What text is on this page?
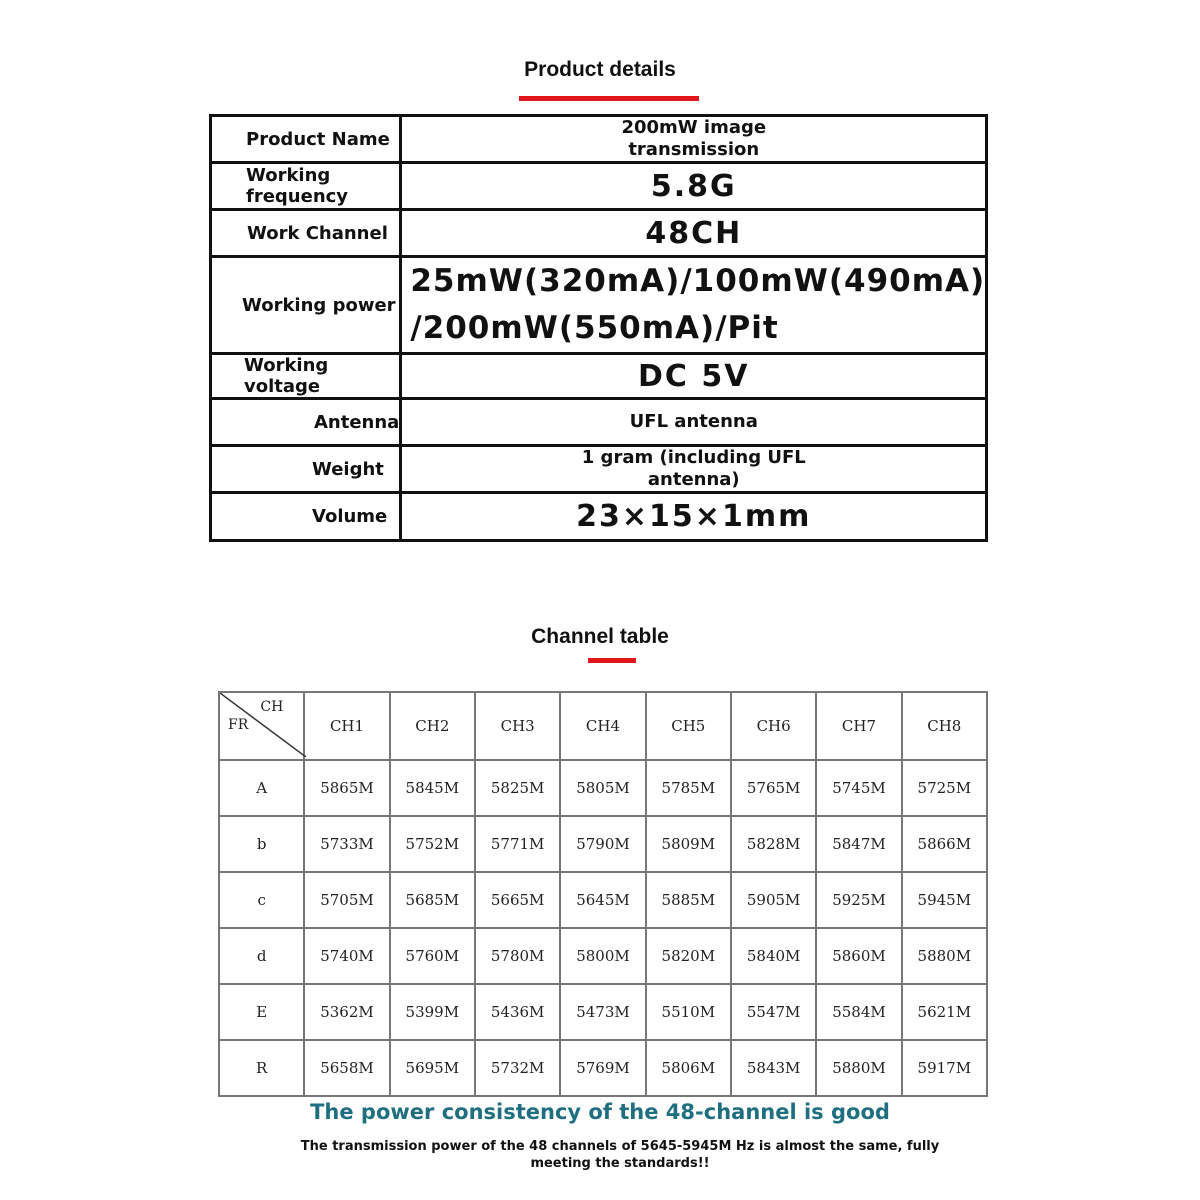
Product details
Product Name	200mW image
transmission
Working frequency	5.8G
Work Channel	48CH
Working power	25mW(320mA)/100mW(490mA)
/200mW(550mA)/Pit
Working voltage	DC 5V
Antenna	UFL antenna
Weight	1 gram (including UFL
antenna)
Volume	23×15×1mm
Channel table
CH
FR	CH1	CH2	CH3	CH4	CH5	CH6	CH7	CH8
A	5865M	5845M	5825M	5805M	5785M	5765M	5745M	5725M
b	5733M	5752M	5771M	5790M	5809M	5828M	5847M	5866M
c	5705M	5685M	5665M	5645M	5885M	5905M	5925M	5945M
d	5740M	5760M	5780M	5800M	5820M	5840M	5860M	5880M
E	5362M	5399M	5436M	5473M	5510M	5547M	5584M	5621M
R	5658M	5695M	5732M	5769M	5806M	5843M	5880M	5917M
The power consistency of the 48-channel is good
The transmission power of the 48 channels of 5645-5945M Hz is almost the same, fully meeting the standards!!
